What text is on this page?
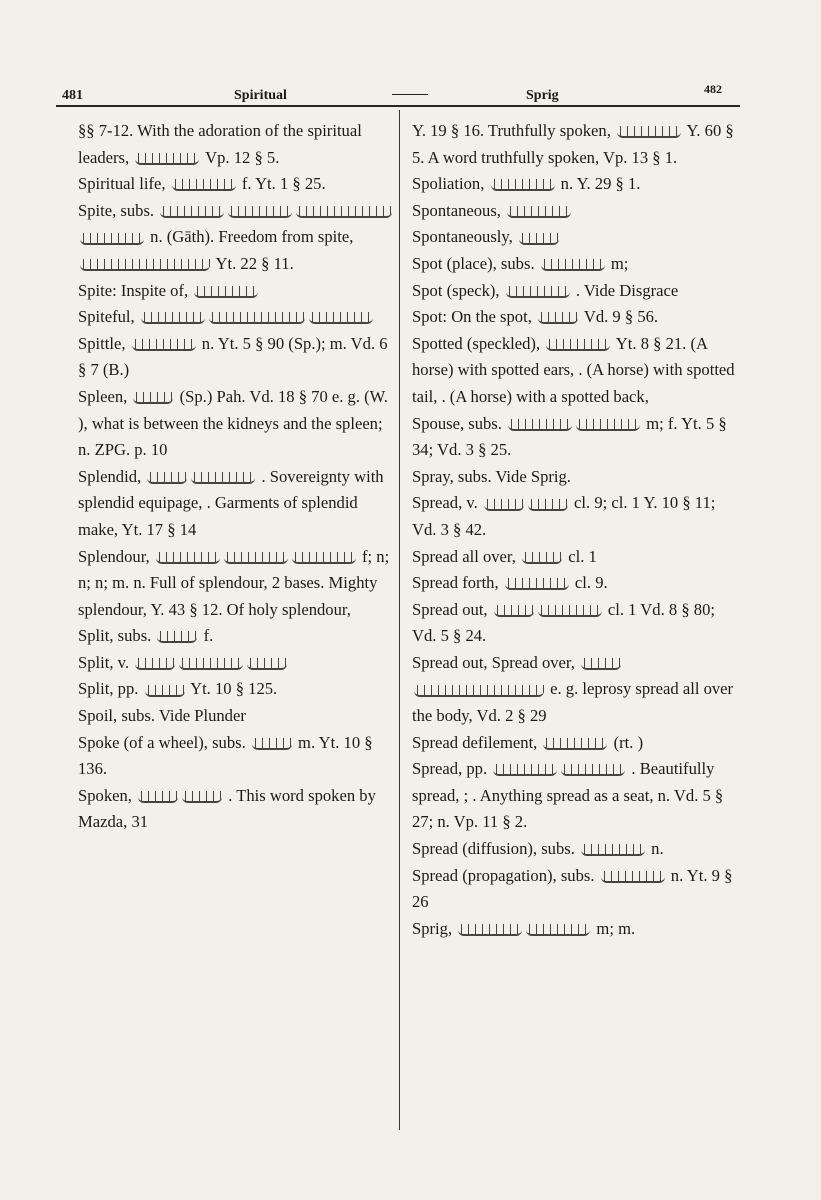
481	Spiritual	Sprig	482
§§ 7-12. With the adoration of the spiritual leaders,	Vp. 12 § 5.
Spiritual life,	f. Yt. 1 § 25.
Spite, subs.  n. (Gāth). Freedom from spite,
Yt. 22 § 11.
Spite: Inspite of,
Spiteful,
Spittle,	n. Yt. 5 § 90 (Sp.); m. Vd. 6 § 7 (B.)
Spleen,	(Sp.) Pah. Vd. 18 § 70 e. g. (W. ), what is between the kidneys and the spleen; n. ZPG. p. 10
Splendid,	. Sovereignty with splendid equipage, . Garments of splendid make, Yt. 17 § 14
Splendour,	f; n; n; n; m. n. Full of splendour, 2 bases. Mighty splendour, Y. 43 § 12. Of holy splendour,
Split, subs.	f.
Split, v.
Split, pp.	Yt. 10 § 125.
Spoil, subs. Vide Plunder
Spoke (of a wheel), subs.	m. Yt. 10 § 136.
Spoken,	. This word spoken by Mazda, 31
Y. 19 § 16. Truthfully spoken,	Y. 60 § 5. A word truthfully spoken, Vp. 13 § 1.
Spoliation,	n. Y. 29 § 1.
Spontaneous,
Spontaneously,
Spot (place), subs.	m;
Spot (speck),	. Vide Disgrace
Spot: On the spot,	Vd. 9 § 56.
Spotted (speckled),	Yt. 8 § 21. (A horse) with spotted ears, . (A horse) with spotted tail, . (A horse) with a spotted back,
Spouse, subs.	m; f. Yt. 5 § 34; Vd. 3 § 25.
Spray, subs. Vide Sprig.
Spread, v.	cl. 9; cl. 1 Y. 10 § 11; Vd. 3 § 42.
Spread all over,	cl. 1
Spread forth,	cl. 9.
Spread out,	cl. 1 Vd. 8 § 80; Vd. 5 § 24.
Spread out, Spread over,  e. g. leprosy spread all over the body, Vd. 2 § 29
Spread defilement,	(rt. )
Spread, pp.	. Beautifully spread, ; . Anything spread as a seat, n. Vd. 5 § 27; n. Vp. 11 § 2.
Spread (diffusion), subs.	n.
Spread (propagation), subs.	n. Yt. 9 § 26
Sprig,	m; m.
